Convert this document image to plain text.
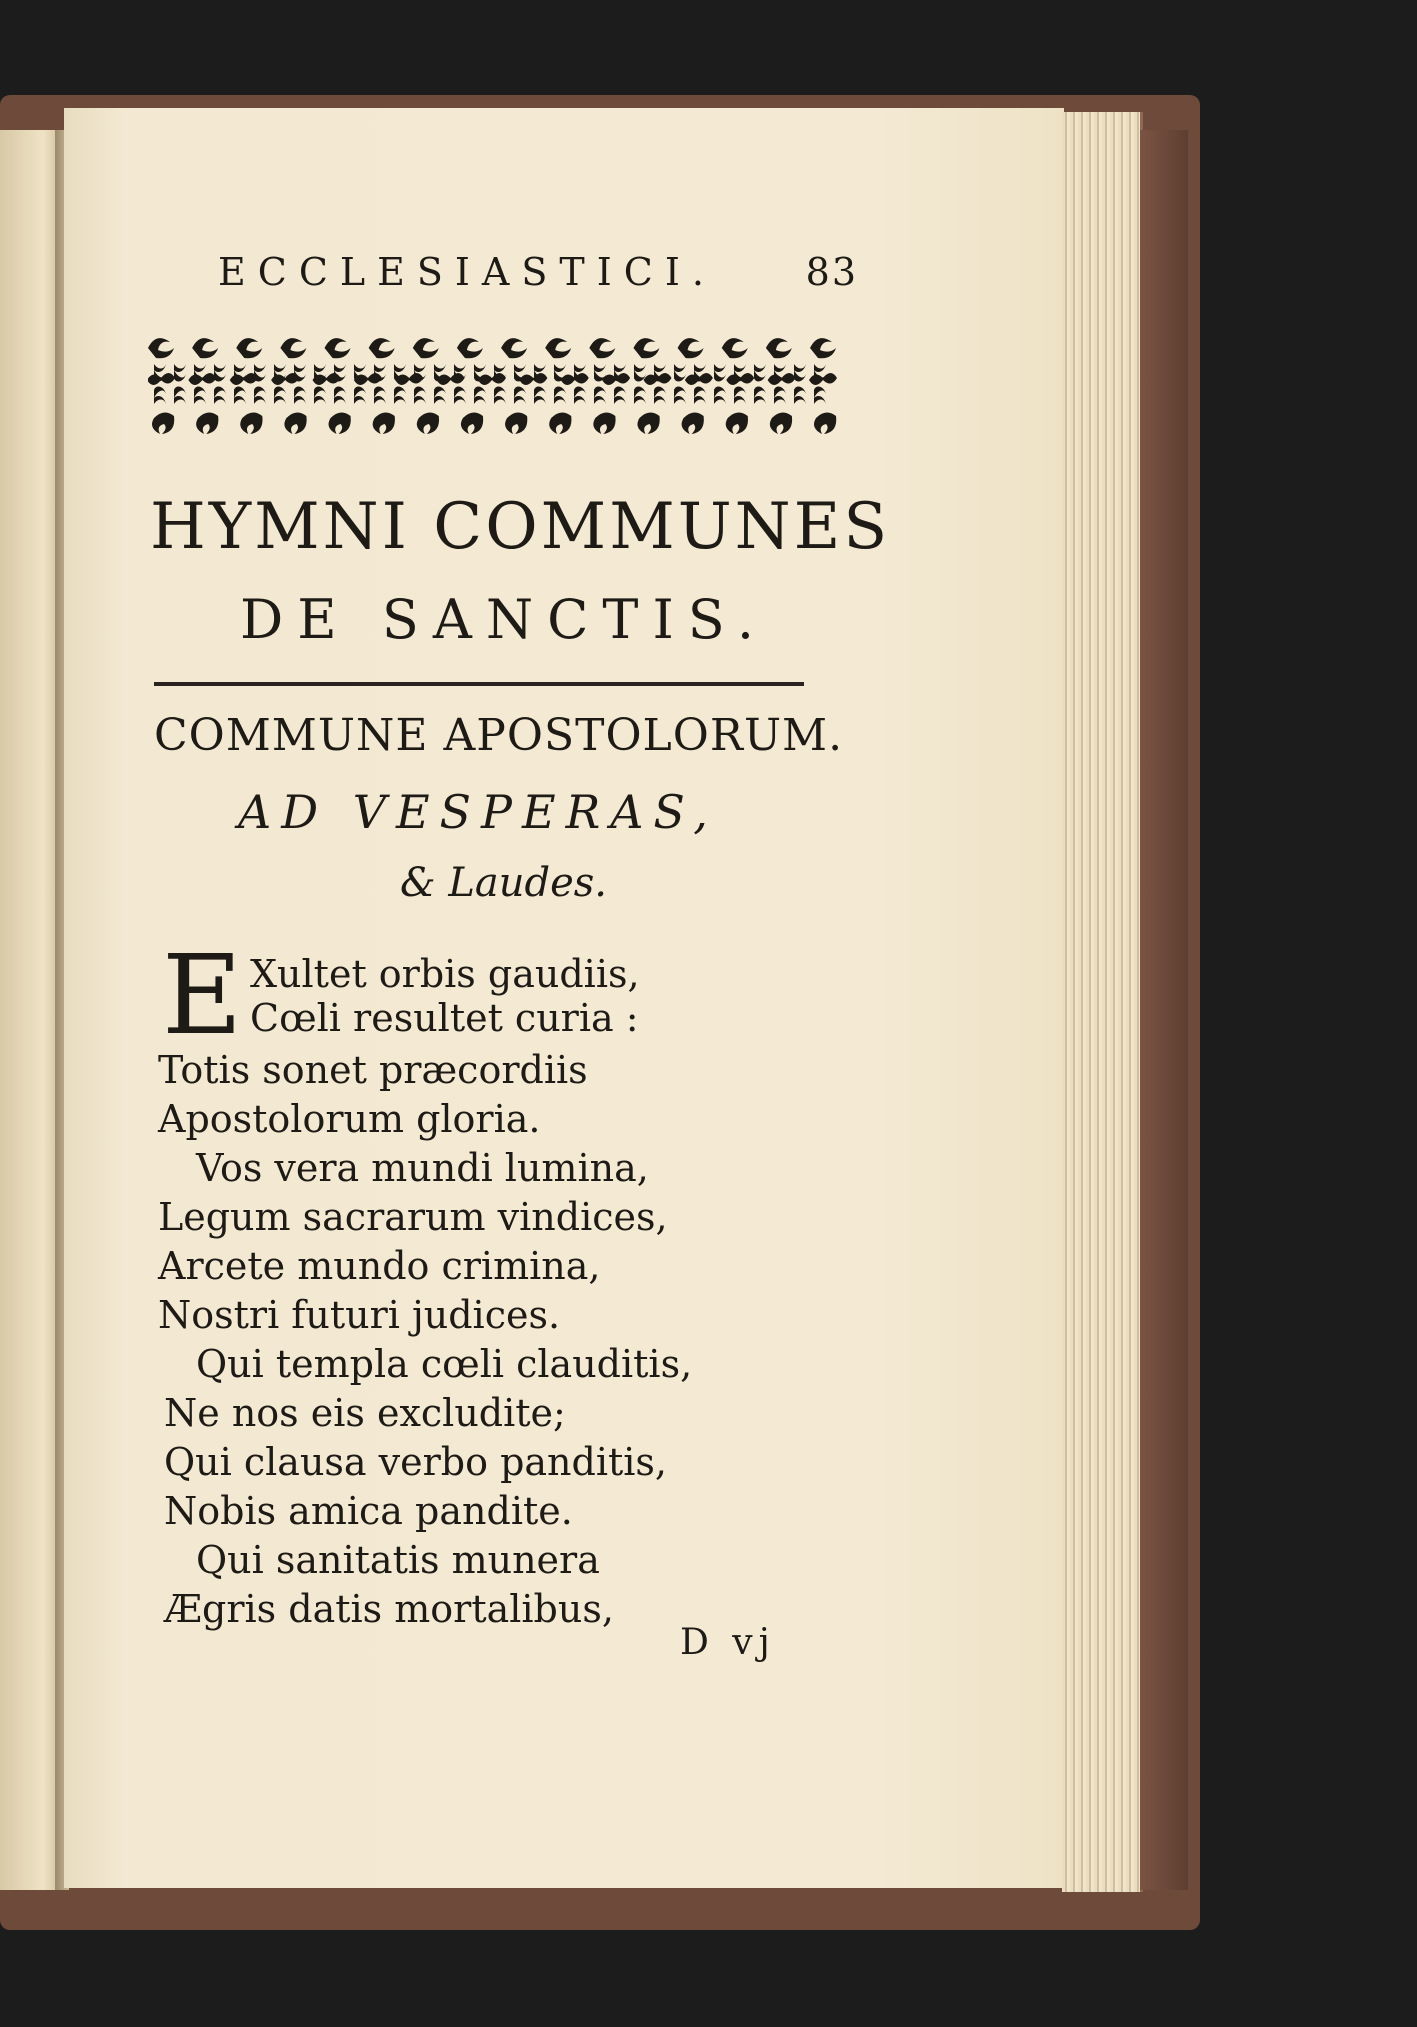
ECCLESIASTICI. 83
HYMNI COMMUNES
DE SANCTIS.
COMMUNE APOSTOLORUM.
AD VESPERAS,
& Laudes.
E Xultet orbis gaudiis,
Cœli resultet curia :
Totis sonet præcordiis
Apostolorum gloria.
Vos vera mundi lumina,
Legum sacrarum vindices,
Arcete mundo crimina,
Nostri futuri judices.
Qui templa cœli clauditis,
Ne nos eis excludite;
Qui clausa verbo panditis,
Nobis amica pandite.
Qui sanitatis munera
Ægris datis mortalibus,
D vj
